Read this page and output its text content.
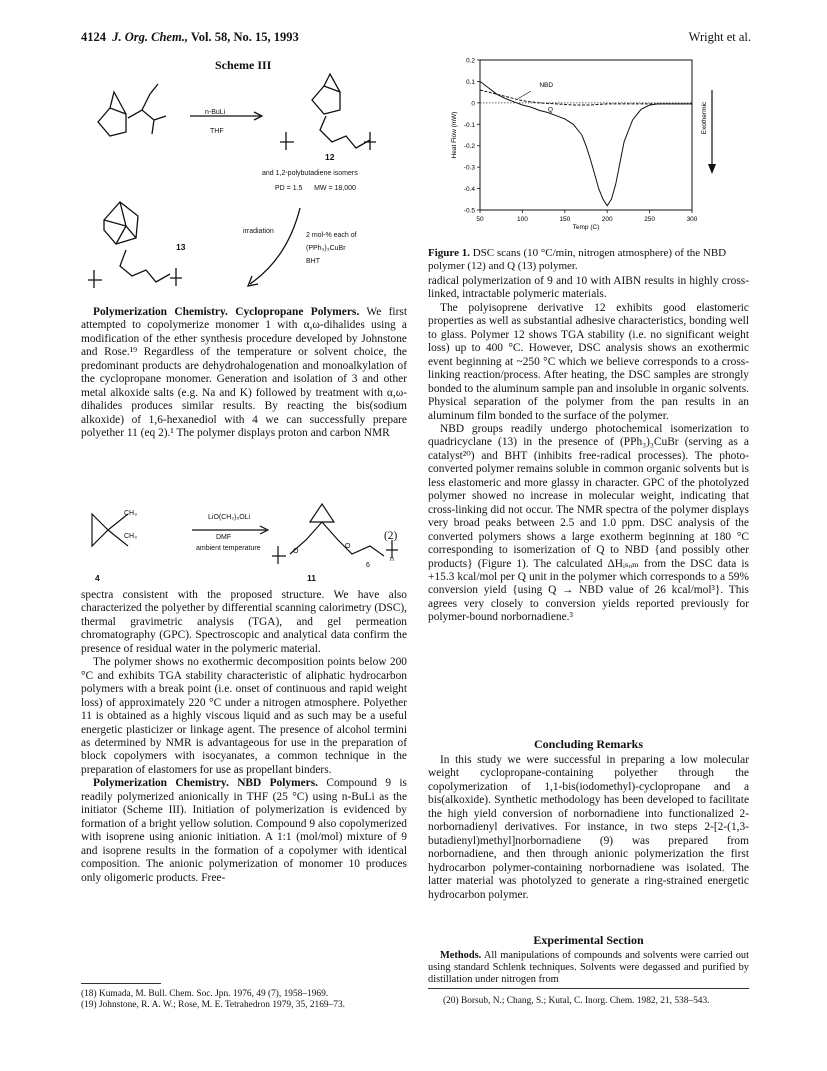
4124 J. Org. Chem., Vol. 58, No. 15, 1993	Wright et al.
Scheme III
n-BuLi
THF
12
and 1,2-polybutadiene isomers
PD = 1.5      MW = 18,000
irradiation
2 mol-% each of
(PPh₃)₃CuBr
BHT
13

Polymerization Chemistry. Cyclopropane Polymers. We first attempted to copolymerize monomer 1 with α,ω-dihalides using a modification of the ether synthesis procedure developed by Johnstone and Rose.¹⁹ Regardless of the temperature or solvent choice, the predominant products are dehydrohalogenation and monoalkylation of the cyclopropane monomer. Generation and isolation of 3 and other metal alkoxide salts (e.g. Na and K) followed by treatment with α,ω-dihalides produces similar results. By reacting the bis(sodium alkoxide) of 1,6-hexanediol with 4 we can successfully prepare polyether 11 (eq 2).¹ The polymer displays proton and carbon NMR

CH₃
CH₃
LiO(CH₂)₆OLi
DMF
ambient temperature	O
O
6
n
(2)
4	11

spectra consistent with the proposed structure. We have also characterized the polyether by differential scanning calorimetry (DSC), thermal gravimetric analysis (TGA), and gel permeation chromatography (GPC). Spectroscopic and analytical data confirm the presence of residual water in the polymeric material.

The polymer shows no exothermic decomposition points below 200 °C and exhibits TGA stability characteristic of aliphatic hydrocarbon polymers with a break point (i.e. onset of continuous and rapid weight loss) of approximately 220 °C under a nitrogen atmosphere. Polyether 11 is obtained as a highly viscous liquid and as such may be a useful energetic plasticizer or linkage agent. The presence of alcohol termini as determined by NMR is advantageous for use in the preparation of block copolymers with isocyanates, a common technique in the preparation of elastomers for use as propellant binders.

Polymerization Chemistry. NBD Polymers. Compound 9 is readily polymerized anionically in THF (25 °C) using n-BuLi as the initiator (Scheme III). Initiation of polymerization is evidenced by formation of a bright yellow solution. Compound 9 also copolymerized with isoprene using anionic initiation. A 1:1 (mol/mol) mixture of 9 and isoprene results in the formation of a copolymer with identical composition. The anionic polymerization of monomer 10 produces only oligomeric products. Free-

(18) Kumada, M. Bull. Chem. Soc. Jpn. 1976, 49 (7), 1958–1969.
(19) Johnstone, R. A. W.; Rose, M. E. Tetrahedron 1979, 35, 2169–73.
50	100	150	200	250	300
0.2
0.1
0
-0.1
-0.2
-0.3
-0.4
-0.5
Temp (C)
Heat Flow (mW)	Exothermic
NBD
Q
Figure 1. DSC scans (10 °C/min, nitrogen atmosphere) of the NBD polymer (12) and Q (13) polymer.

radical polymerization of 9 and 10 with AIBN results in highly cross-linked, intractable polymeric materials.

The polyisoprene derivative 12 exhibits good elastomeric properties as well as substantial adhesive characteristics, bonding well to glass. Polymer 12 shows TGA stability (i.e. no significant weight loss) up to 400 °C. However, DSC analysis shows an exothermic event beginning at ~250 °C which we believe corresponds to a cross-linking reaction/process. After heating, the DSC samples are strongly bonded to the aluminum sample pan and insoluble in organic solvents. Physical separation of the polymer from the pan results in an aluminum film bonded to the surface of the polymer.

NBD groups readily undergo photochemical isomerization to quadricyclane (13) in the presence of (PPh₃)₃CuBr (serving as a catalyst²⁰) and BHT (inhibits free-radical processes). The photo-converted polymer remains soluble in common organic solvents but is less elastomeric and more glassy in character. GPC of the photolyzed polymer showed no increase in molecular weight, indicating that cross-linking did not occur. The NMR spectra of the polymer displays very broad peaks between 2.5 and 1.0 ppm. DSC analysis of the converted polymers shows a large exotherm beginning at 180 °C corresponding to isomerization of Q to NBD {and possibly other products} (Figure 1). The calculated ΔHᵢₛₒₘ from the DSC data is +15.3 kcal/mol per Q unit in the polymer which corresponds to a 59% conversion yield {using Q → NBD value of 26 kcal/mol³}. This agrees very closely to conversion yields reported previously for polymer-bound norbornadiene.³

Concluding Remarks

In this study we were successful in preparing a low molecular weight cyclopropane-containing polyether through the copolymerization of 1,1-bis(iodomethyl)-cyclopropane and a bis(alkoxide). Synthetic methodology has been developed to facilitate the high yield conversion of norbornadiene into functionalized 2-norbornadienyl derivatives. For instance, in two steps 2-[2-(1,3-butadienyl)methyl]norbornadiene (9) was prepared from norbornadiene, and then through anionic polymerization the first hydrocarbon polymer-containing norbornadiene was isolated. The latter material was photolyzed to generate a ring-strained energetic hydrocarbon polymer.

Experimental Section

Methods. All manipulations of compounds and solvents were carried out using standard Schlenk techniques. Solvents were degassed and purified by distillation under nitrogen from

(20) Borsub, N.; Chang, S.; Kutal, C. Inorg. Chem. 1982, 21, 538–543.
